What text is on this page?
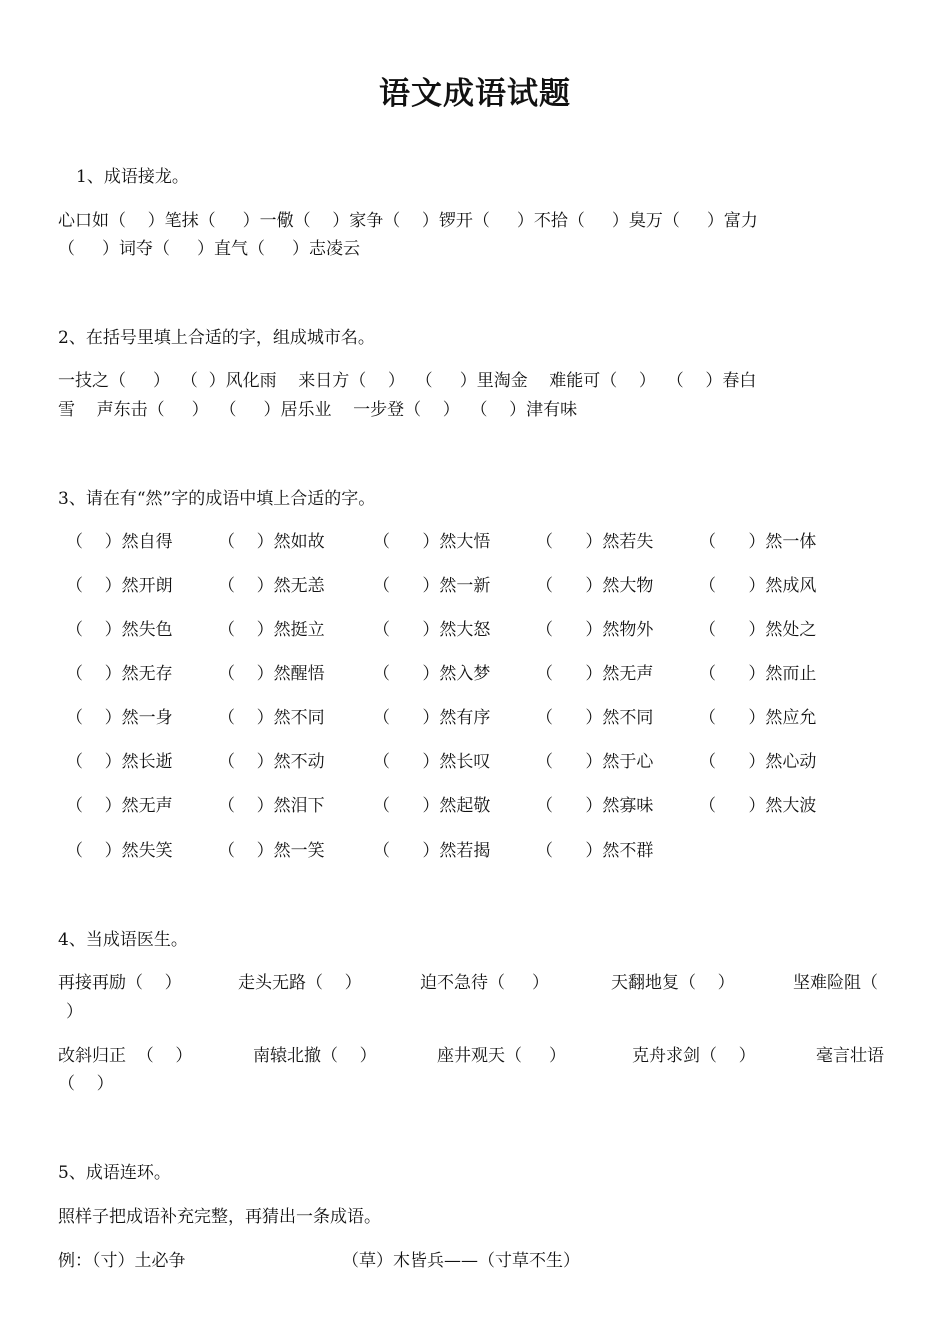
语文成语试题
1、成语接龙。
心口如（    ）笔抹（     ）一儆（    ）家争（    ）锣开（     ）不拾（     ）臭万（     ）富力
（     ）词夺（     ）直气（     ）志凌云
2、在括号里填上合适的字，组成城市名。
一技之（     ）  （  ）风化雨    来日方（    ）  （     ）里淘金    难能可（    ）  （    ）春白
雪    声东击（     ）  （     ）居乐业    一步登（    ）  （    ）津有味
3、请在有“然”字的成语中填上合适的字。
（    ）然自得	（    ）然如故	（      ）然大悟	（      ）然若失	（      ）然一体
（    ）然开朗	（    ）然无恙	（      ）然一新	（      ）然大物	（      ）然成风
（    ）然失色	（    ）然挺立	（      ）然大怒	（      ）然物外	（      ）然处之
（    ）然无存	（    ）然醒悟	（      ）然入梦	（      ）然无声	（      ）然而止
（    ）然一身	（    ）然不同	（      ）然有序	（      ）然不同	（      ）然应允
（    ）然长逝	（    ）然不动	（      ）然长叹	（      ）然于心	（      ）然心动
（    ）然无声	（    ）然泪下	（      ）然起敬	（      ）然寡味	（      ）然大波
（    ）然失笑	（    ）然一笑	（      ）然若揭	（      ）然不群
4、当成语医生。
再接再励（    ）	走头无路（    ）	迫不急待（     ）	天翻地复（    ）	坚难险阻（
）
改斜归正  （    ）	南辕北撤（    ）	座井观天（     ）	克舟求剑（    ）	毫言壮语
（    ）
5、成语连环。
照样子把成语补充完整，再猜出一条成语。
例：（寸）土必争	（草）木皆兵——（寸草不生）
